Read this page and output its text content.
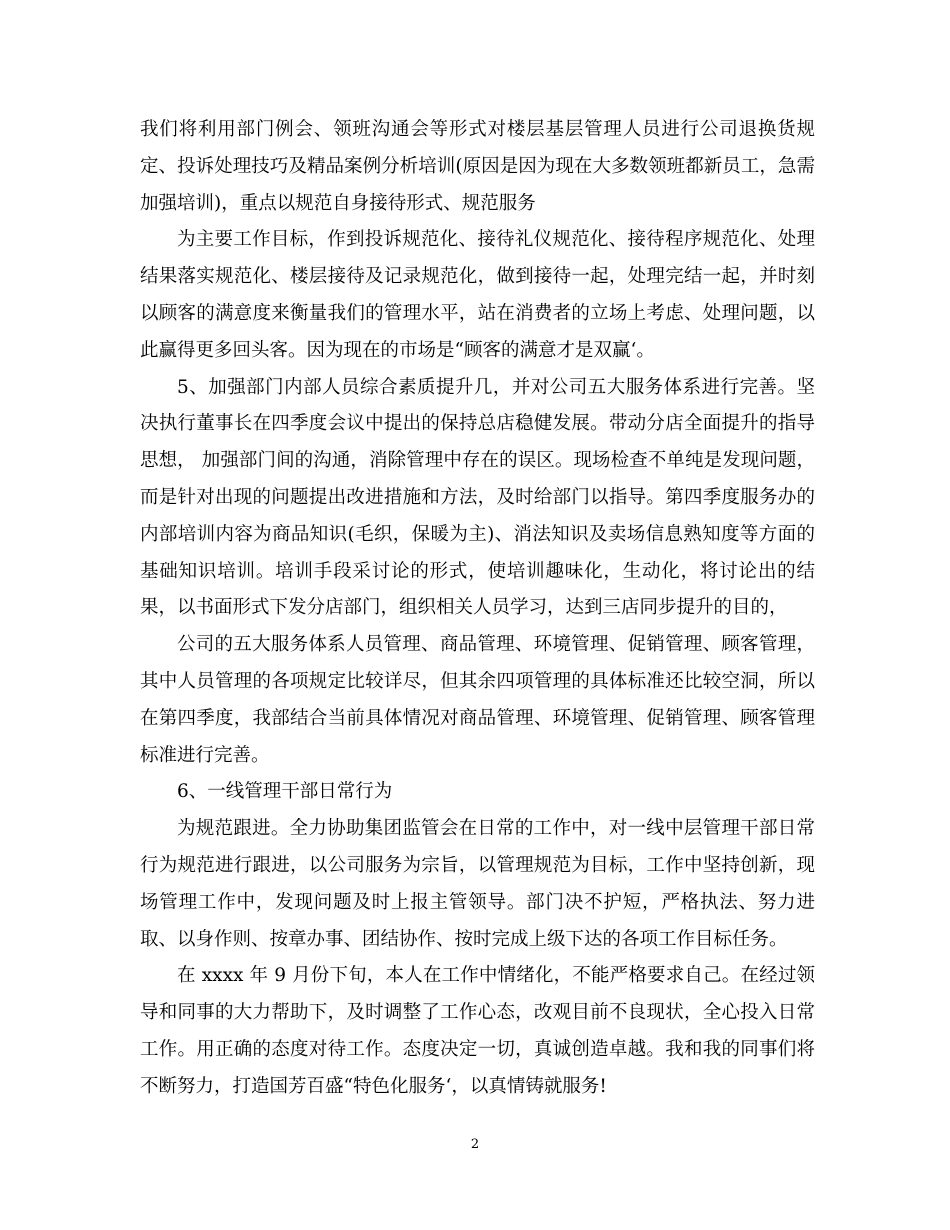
我们将利用部门例会、领班沟通会等形式对楼层基层管理人员进行公司退换货规定、投诉处理技巧及精品案例分析培训(原因是因为现在大多数领班都新员工，急需加强培训)，重点以规范自身接待形式、规范服务

为主要工作目标，作到投诉规范化、接待礼仪规范化、接待程序规范化、处理结果落实规范化、楼层接待及记录规范化，做到接待一起，处理完结一起，并时刻以顾客的满意度来衡量我们的管理水平，站在消费者的立场上考虑、处理问题，以此赢得更多回头客。因为现在的市场是“顾客的满意才是双赢‘。

5、加强部门内部人员综合素质提升几，并对公司五大服务体系进行完善。坚决执行董事长在四季度会议中提出的保持总店稳健发展。带动分店全面提升的指导思想， 加强部门间的沟通，消除管理中存在的误区。现场检查不单纯是发现问题，而是针对出现的问题提出改进措施和方法，及时给部门以指导。第四季度服务办的内部培训内容为商品知识(毛织，保暖为主)、消法知识及卖场信息熟知度等方面的基础知识培训。培训手段采讨论的形式，使培训趣味化，生动化，将讨论出的结果，以书面形式下发分店部门，组织相关人员学习，达到三店同步提升的目的，

公司的五大服务体系人员管理、商品管理、环境管理、促销管理、顾客管理，其中人员管理的各项规定比较详尽，但其余四项管理的具体标准还比较空洞，所以在第四季度，我部结合当前具体情况对商品管理、环境管理、促销管理、顾客管理标准进行完善。

6、一线管理干部日常行为

为规范跟进。全力协助集团监管会在日常的工作中，对一线中层管理干部日常行为规范进行跟进，以公司服务为宗旨，以管理规范为目标，工作中坚持创新，现场管理工作中，发现问题及时上报主管领导。部门决不护短，严格执法、努力进取、以身作则、按章办事、团结协作、按时完成上级下达的各项工作目标任务。

在 xxxx 年 9 月份下旬，本人在工作中情绪化，不能严格要求自己。在经过领导和同事的大力帮助下，及时调整了工作心态，改观目前不良现状，全心投入日常工作。用正确的态度对待工作。态度决定一切，真诚创造卓越。我和我的同事们将不断努力，打造国芳百盛“特色化服务‘，以真情铸就服务!

2
